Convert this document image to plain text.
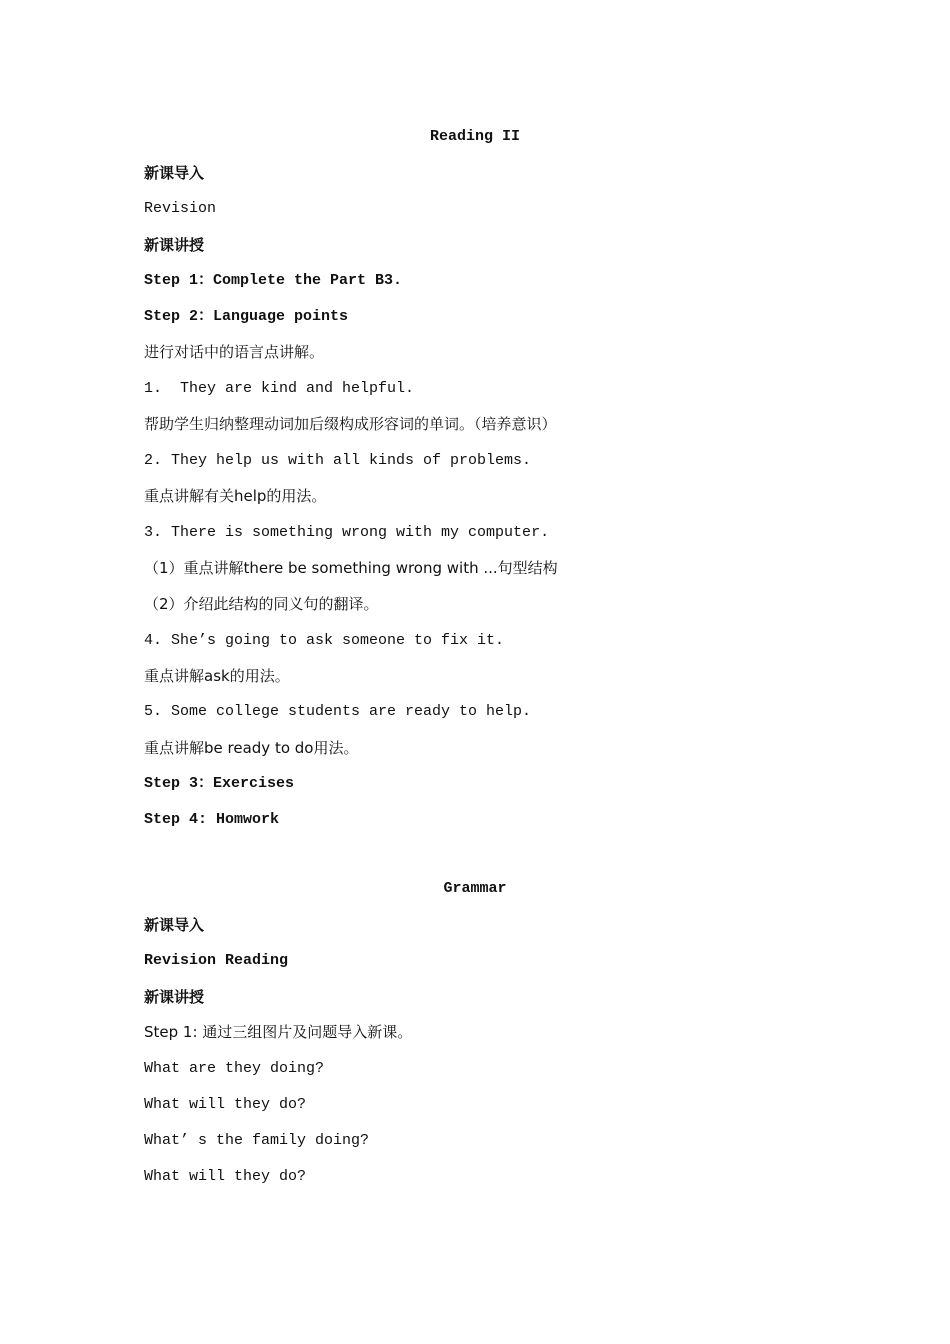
Reading II
新课导入
Revision
新课讲授
Step 1：Complete the Part B3.
Step 2：Language points
进行对话中的语言点讲解。
1.  They are kind and helpful.
帮助学生归纳整理动词加后缀构成形容词的单词。（培养意识）
2. They help us with all kinds of problems.
重点讲解有关help的用法。
3. There is something wrong with my computer.
（1）重点讲解there be something wrong with ...句型结构
（2）介绍此结构的同义句的翻译。
4. She’s going to ask someone to fix it.
重点讲解ask的用法。
5. Some college students are ready to help.
重点讲解be ready to do用法。
Step 3：Exercises
Step 4: Homwork
Grammar
新课导入
Revision Reading
新课讲授
Step 1: 通过三组图片及问题导入新课。
What are they doing?
What will they do?
What’ s the family doing?
What will they do?
